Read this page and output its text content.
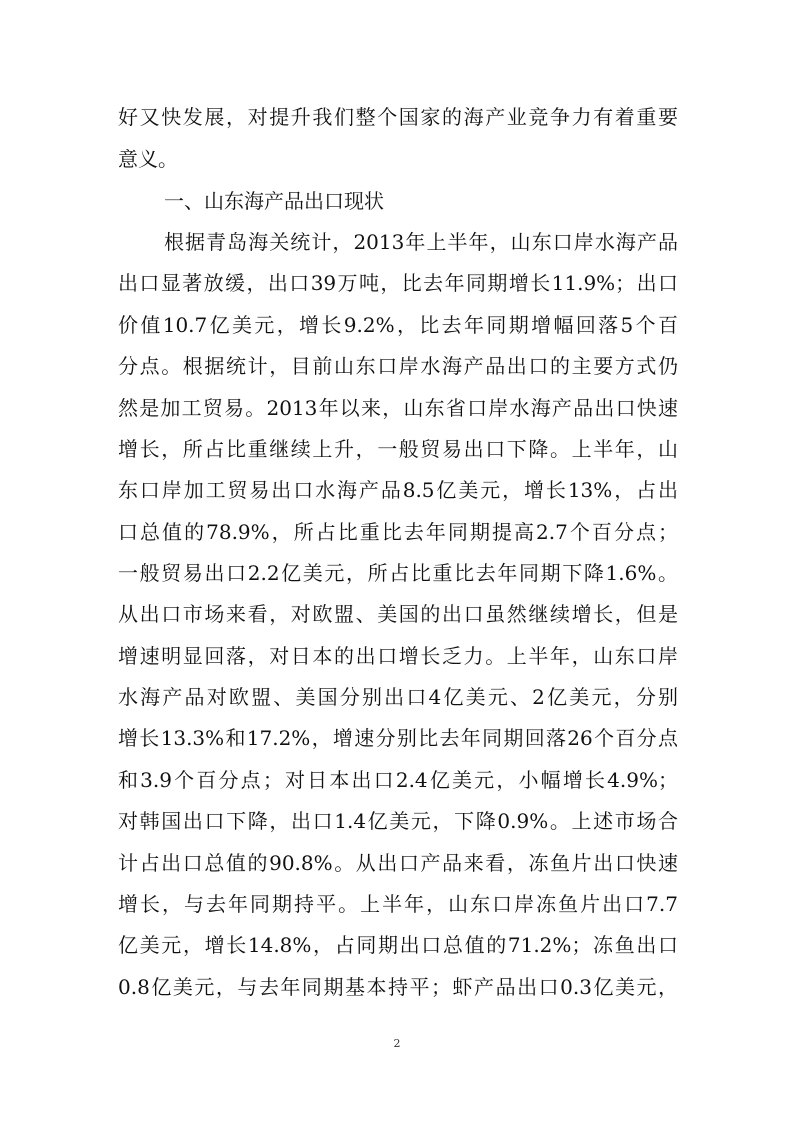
好又快发展，对提升我们整个国家的海产业竞争力有着重要
意义。
一、山东海产品出口现状
根据青岛海关统计，2013年上半年，山东口岸水海产品
出口显著放缓，出口39万吨，比去年同期增长11.9%；出口
价值10.7亿美元，增长9.2%，比去年同期增幅回落5个百
分点。根据统计，目前山东口岸水海产品出口的主要方式仍
然是加工贸易。2013年以来，山东省口岸水海产品出口快速
增长，所占比重继续上升，一般贸易出口下降。上半年，山
东口岸加工贸易出口水海产品8.5亿美元，增长13%，占出
口总值的78.9%，所占比重比去年同期提高2.7个百分点；
一般贸易出口2.2亿美元，所占比重比去年同期下降1.6%。
从出口市场来看，对欧盟、美国的出口虽然继续增长，但是
增速明显回落，对日本的出口增长乏力。上半年，山东口岸
水海产品对欧盟、美国分别出口4亿美元、2亿美元，分别
增长13.3%和17.2%，增速分别比去年同期回落26个百分点
和3.9个百分点；对日本出口2.4亿美元，小幅增长4.9%；
对韩国出口下降，出口1.4亿美元，下降0.9%。上述市场合
计占出口总值的90.8%。从出口产品来看，冻鱼片出口快速
增长，与去年同期持平。上半年，山东口岸冻鱼片出口7.7
亿美元，增长14.8%，占同期出口总值的71.2%；冻鱼出口
0.8亿美元，与去年同期基本持平；虾产品出口0.3亿美元，
2
